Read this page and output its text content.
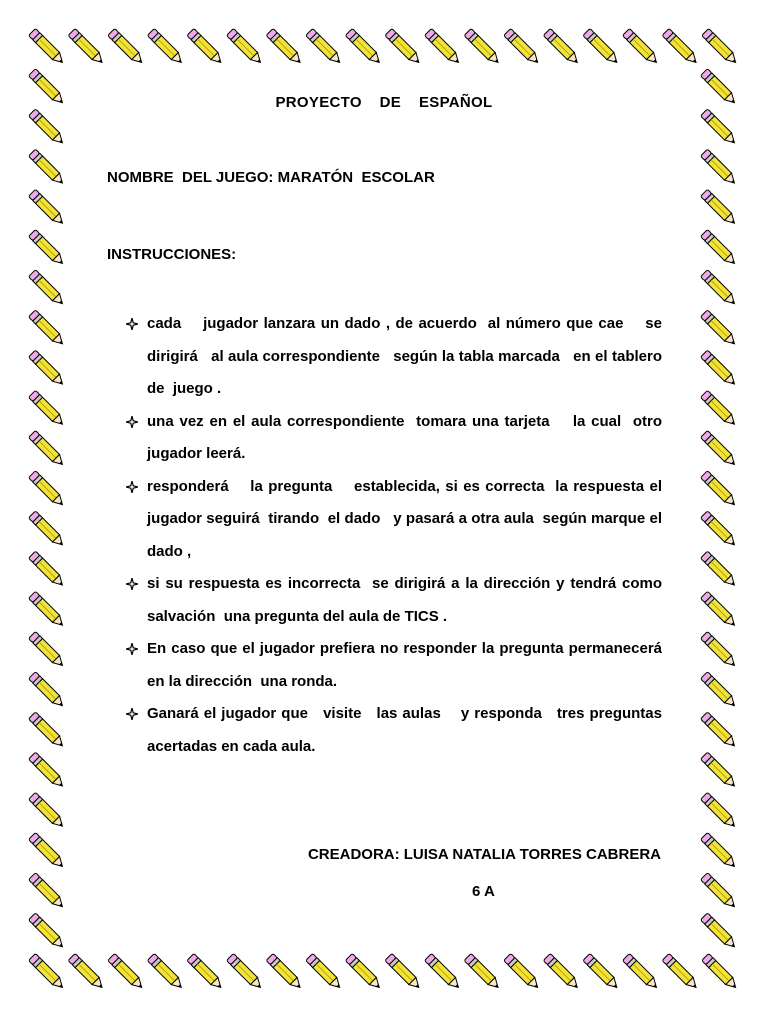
PROYECTO    DE    ESPAÑOL
NOMBRE  DEL JUEGO: MARATÓN  ESCOLAR
INSTRUCCIONES:
cada    jugador lanzara un dado , de acuerdo  al número que cae    se   dirigirá   al aula correspondiente   según la tabla marcada   en el tablero de  juego .
una vez en el aula correspondiente  tomara una tarjeta    la cual  otro jugador leerá.
responderá    la pregunta    establecida, si es correcta  la respuesta el jugador seguirá  tirando  el dado   y pasará a otra aula  según marque el dado ,
si su respuesta es incorrecta  se dirigirá a la dirección y tendrá como salvación  una pregunta del aula de TICS .
En caso que el jugador prefiera no responder la pregunta permanecerá en la dirección  una ronda.
Ganará el jugador que   visite   las aulas    y responda   tres preguntas acertadas en cada aula.
CREADORA: LUISA NATALIA TORRES CABRERA
6 A
